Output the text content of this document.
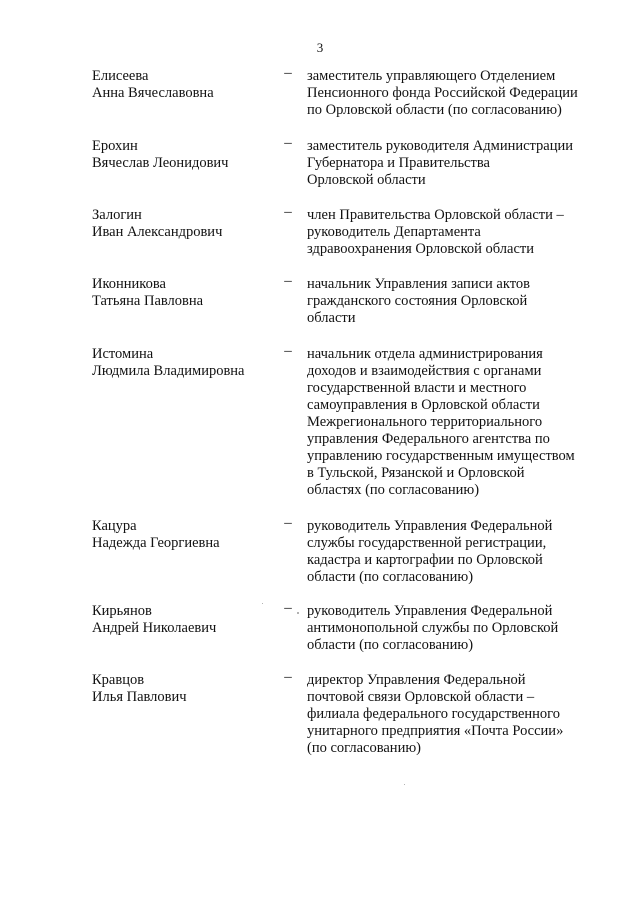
3
Елисеева
Анна Вячеславовна
– заместитель управляющего Отделением
Пенсионного фонда Российской Федерации
по Орловской области (по согласованию)
Ерохин
Вячеслав Леонидович
– заместитель руководителя Администрации
Губернатора и Правительства
Орловской области
Залогин
Иван Александрович
– член Правительства Орловской области –
руководитель Департамента
здравоохранения Орловской области
Иконникова
Татьяна Павловна
– начальник Управления записи актов
гражданского состояния Орловской
области
Истомина
Людмила Владимировна
– начальник отдела администрирования
доходов и взаимодействия с органами
государственной власти и местного
самоуправления в Орловской области
Межрегионального территориального
управления Федерального агентства по
управлению государственным имуществом
в Тульской, Рязанской и Орловской
областях (по согласованию)
Кацура
Надежда Георгиевна
– руководитель Управления Федеральной
службы государственной регистрации,
кадастра и картографии по Орловской
области (по согласованию)
Кирьянов
Андрей Николаевич
– руководитель Управления Федеральной
антимонопольной службы по Орловской
области (по согласованию)
Кравцов
Илья Павлович
– директор Управления Федеральной
почтовой связи Орловской области –
филиала федерального государственного
унитарного предприятия «Почта России»
(по согласованию)
